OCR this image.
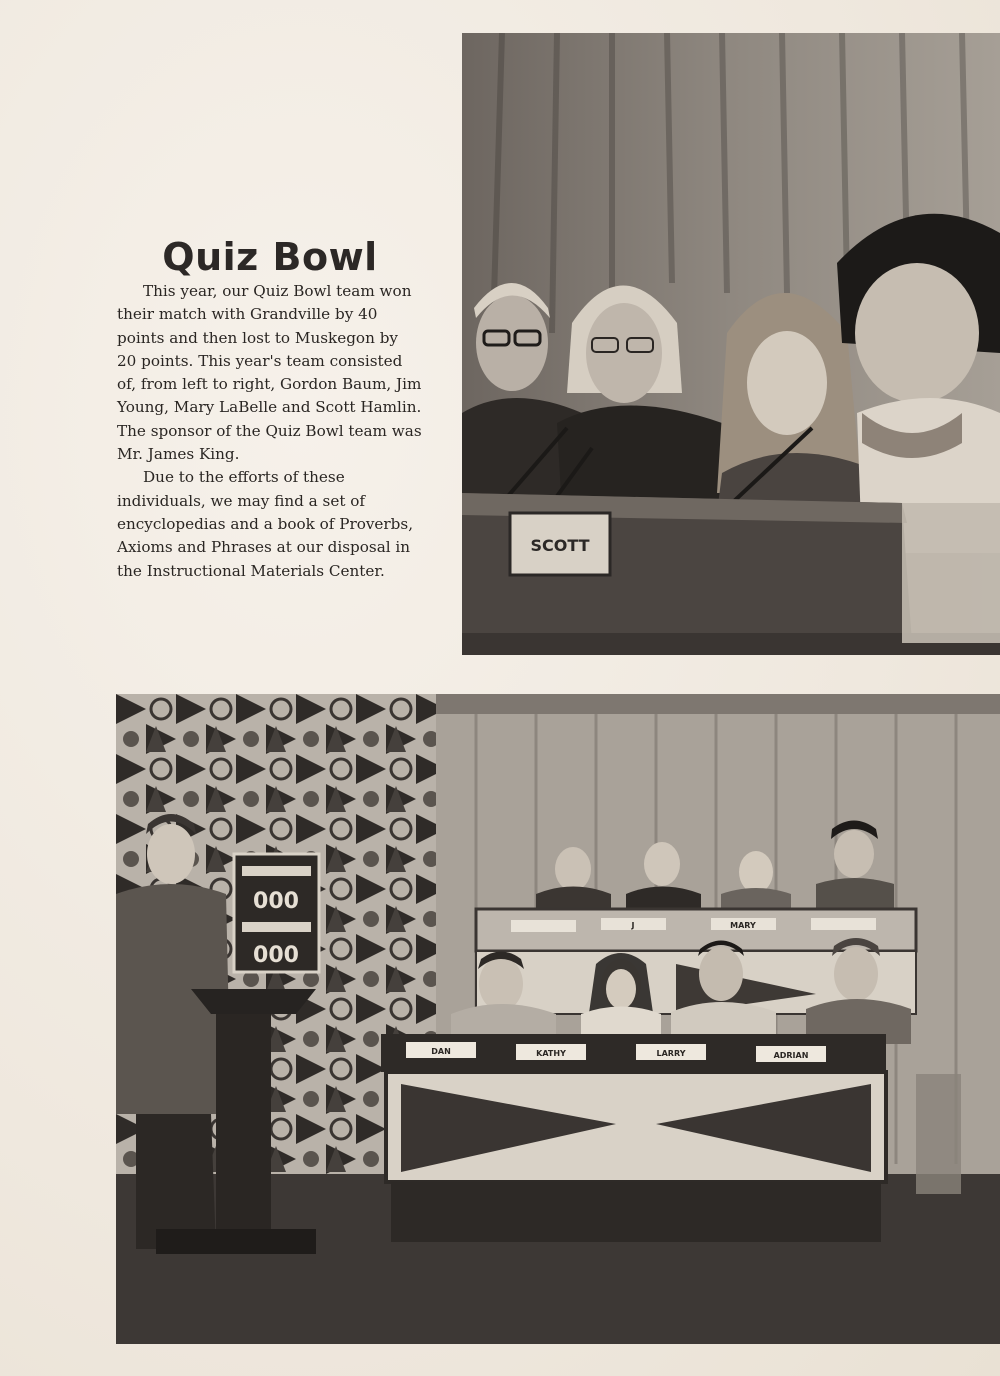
Quiz Bowl

This year, our Quiz Bowl team won their match with Grandville by 40 points and then lost to Muskegon by 20 points. This year's team consisted of, from left to right, Gordon Baum, Jim Young, Mary LaBelle and Scott Hamlin. The sponsor of the Quiz Bowl team was Mr. James King.

Due to the efforts of these individuals, we may find a set of encyclopedias and a book of Proverbs, Axioms and Phrases at our disposal in the Instructional Materials Center.

SCOTT
000
000
J	MARY
DAN	KATHY	LARRY	ADRIAN
